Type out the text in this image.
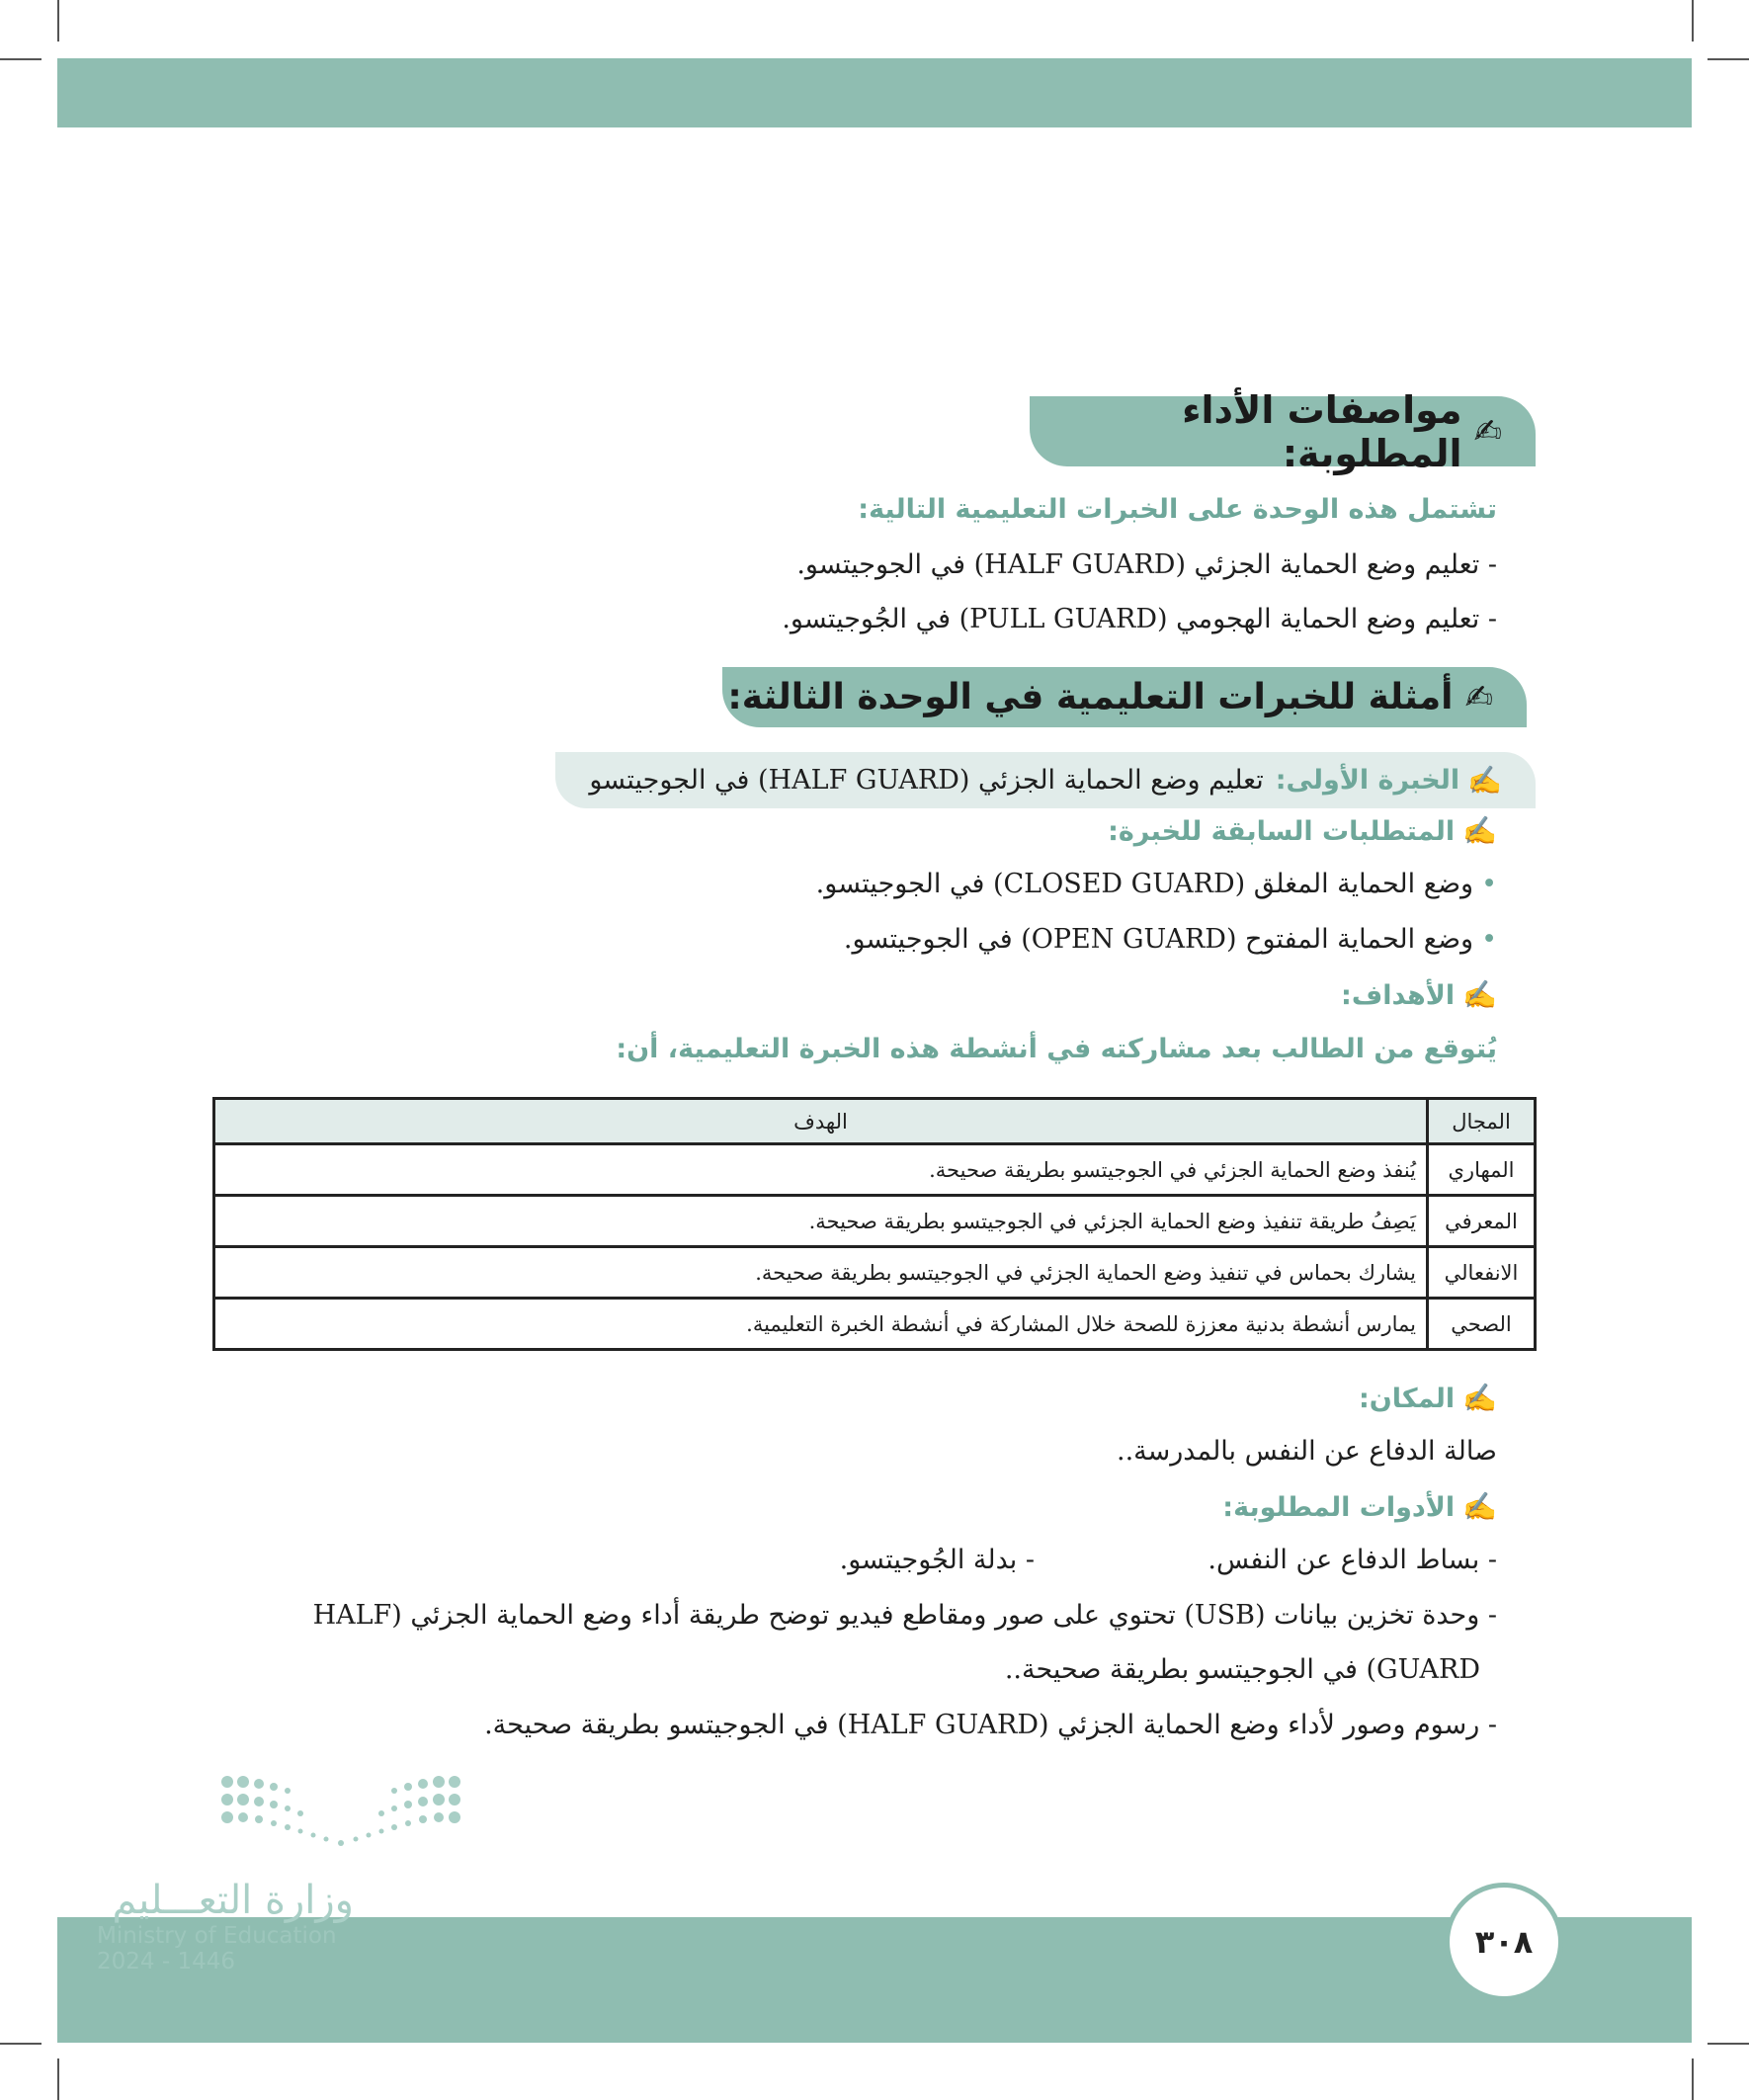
✍
مواصفات الأداء المطلوبة:
تشتمل هذه الوحدة على الخبرات التعليمية التالية:
- تعليم وضع الحماية الجزئي (HALF GUARD) في الجوجيتسو.
- تعليم وضع الحماية الهجومي (PULL GUARD) في الجُوجيتسو.
✍
أمثلة للخبرات التعليمية في الوحدة الثالثة:
✍
الخبرة الأولى:
تعليم وضع الحماية الجزئي (HALF GUARD) في الجوجيتسو
✍المتطلبات السابقة للخبرة:
•وضع الحماية المغلق (CLOSED GUARD) في الجوجيتسو.
•وضع الحماية المفتوح (OPEN GUARD) في الجوجيتسو.
✍الأهداف:
يُتوقع من الطالب بعد مشاركته في أنشطة هذه الخبرة التعليمية، أن:
المجال	الهدف
المهاري	يُنفذ وضع الحماية الجزئي في الجوجيتسو بطريقة صحيحة.
المعرفي	يَصِفُ طريقة تنفيذ وضع الحماية الجزئي في الجوجيتسو بطريقة صحيحة.
الانفعالي	يشارك بحماس في تنفيذ وضع الحماية الجزئي في الجوجيتسو بطريقة صحيحة.
الصحي	يمارس أنشطة بدنية معززة للصحة خلال المشاركة في أنشطة الخبرة التعليمية.
✍المكان:
صالة الدفاع عن النفس بالمدرسة..
✍الأدوات المطلوبة:
- بساط الدفاع عن النفس.
- بدلة الجُوجيتسو.
- وحدة تخزين بيانات (USB) تحتوي على صور ومقاطع فيديو توضح طريقة أداء وضع الحماية الجزئي (HALF
GUARD) في الجوجيتسو بطريقة صحيحة..
- رسوم وصور لأداء وضع الحماية الجزئي (HALF GUARD) في الجوجيتسو بطريقة صحيحة.
وزارة التعـــليم
Ministry of Education
2024 - 1446
٣٠٨
